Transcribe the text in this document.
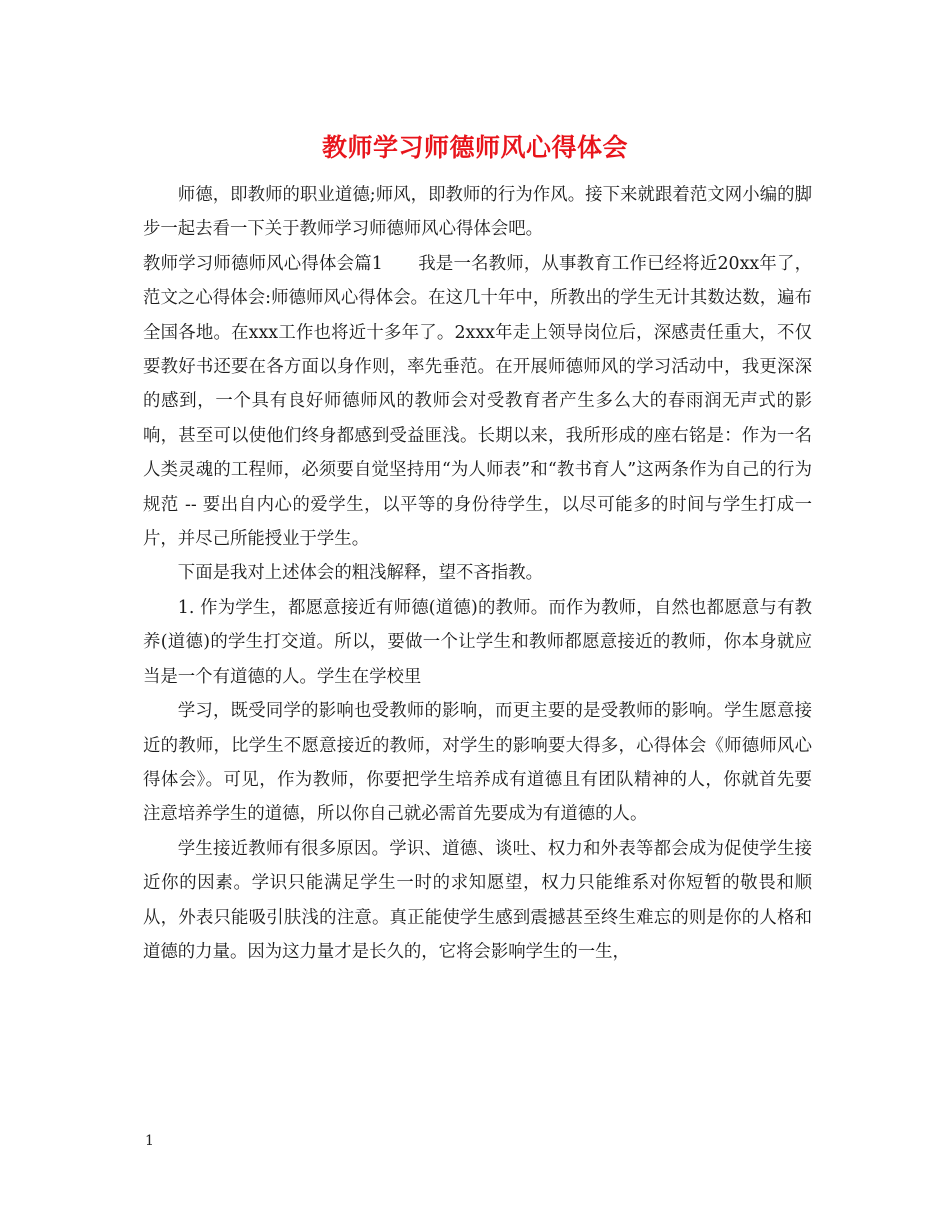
教师学习师德师风心得体会

师德，即教师的职业道德;师风，即教师的行为作风。接下来就跟着范文网小编的脚步一起去看一下关于教师学习师德师风心得体会吧。

教师学习师德师风心得体会篇1　　我是一名教师，从事教育工作已经将近20xx年了，范文之心得体会:师德师风心得体会。在这几十年中，所教出的学生无计其数达数，遍布全国各地。在xxx工作也将近十多年了。2xxx年走上领导岗位后，深感责任重大，不仅要教好书还要在各方面以身作则，率先垂范。在开展师德师风的学习活动中，我更深深的感到，一个具有良好师德师风的教师会对受教育者产生多么大的春雨润无声式的影响，甚至可以使他们终身都感到受益匪浅。长期以来，我所形成的座右铭是：作为一名人类灵魂的工程师，必须要自觉坚持用“为人师表”和“教书育人”这两条作为自己的行为规范 -- 要出自内心的爱学生，以平等的身份待学生，以尽可能多的时间与学生打成一片，并尽己所能授业于学生。

下面是我对上述体会的粗浅解释，望不吝指教。

1. 作为学生，都愿意接近有师德(道德)的教师。而作为教师，自然也都愿意与有教养(道德)的学生打交道。所以，要做一个让学生和教师都愿意接近的教师，你本身就应当是一个有道德的人。学生在学校里

学习，既受同学的影响也受教师的影响，而更主要的是受教师的影响。学生愿意接近的教师，比学生不愿意接近的教师，对学生的影响要大得多，心得体会《师德师风心得体会》。可见，作为教师，你要把学生培养成有道德且有团队精神的人，你就首先要注意培养学生的道德，所以你自己就必需首先要成为有道德的人。

学生接近教师有很多原因。学识、道德、谈吐、权力和外表等都会成为促使学生接近你的因素。学识只能满足学生一时的求知愿望，权力只能维系对你短暂的敬畏和顺从，外表只能吸引肤浅的注意。真正能使学生感到震撼甚至终生难忘的则是你的人格和道德的力量。因为这力量才是长久的，它将会影响学生的一生，

1
